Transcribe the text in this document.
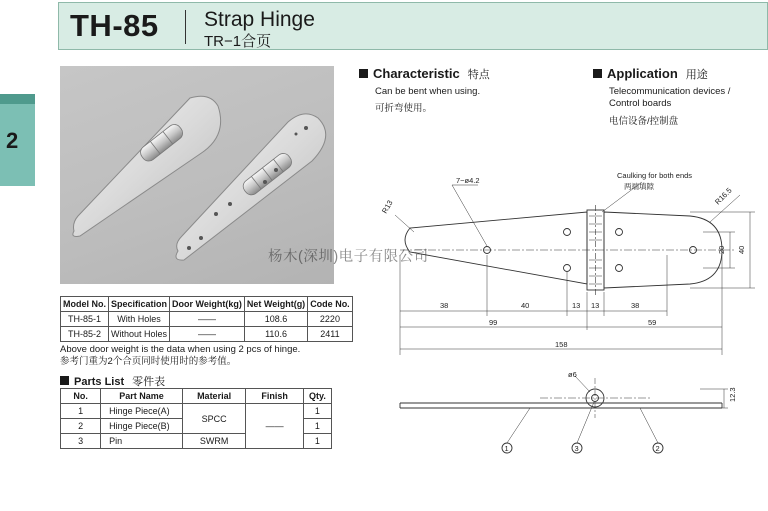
TH-85 Strap Hinge
TR−1合页
2
Model No.	Specification	Door Weight(kg)	Net Weight(g)	Code No.
TH-85-1	With Holes	——	108.6	2220
TH-85-2	Without Holes	——	110.6	2411
Above door weight is the data when using 2 pcs of hinge.
参考门重为2个合页同时使用时的参考值。
Parts List 零件表
No.	Part Name	Material	Finish	Qty.
1	Hinge Piece(A)	SPCC	——	1
2	Hinge Piece(B)			1
3	Pin	SWRM		1
Characteristic 特点
Can be bent when using.
可折弯使用。
Application 用途
Telecommunication devices /
Control boards
电信设备/控制盘
Caulking for both ends
两端填隙
7−ø4.2
R13
R16.5
20 40
38	40	13 13	38
99	59
158
ø6
12.3
1	3	2
杨木(深圳)电子有限公司
